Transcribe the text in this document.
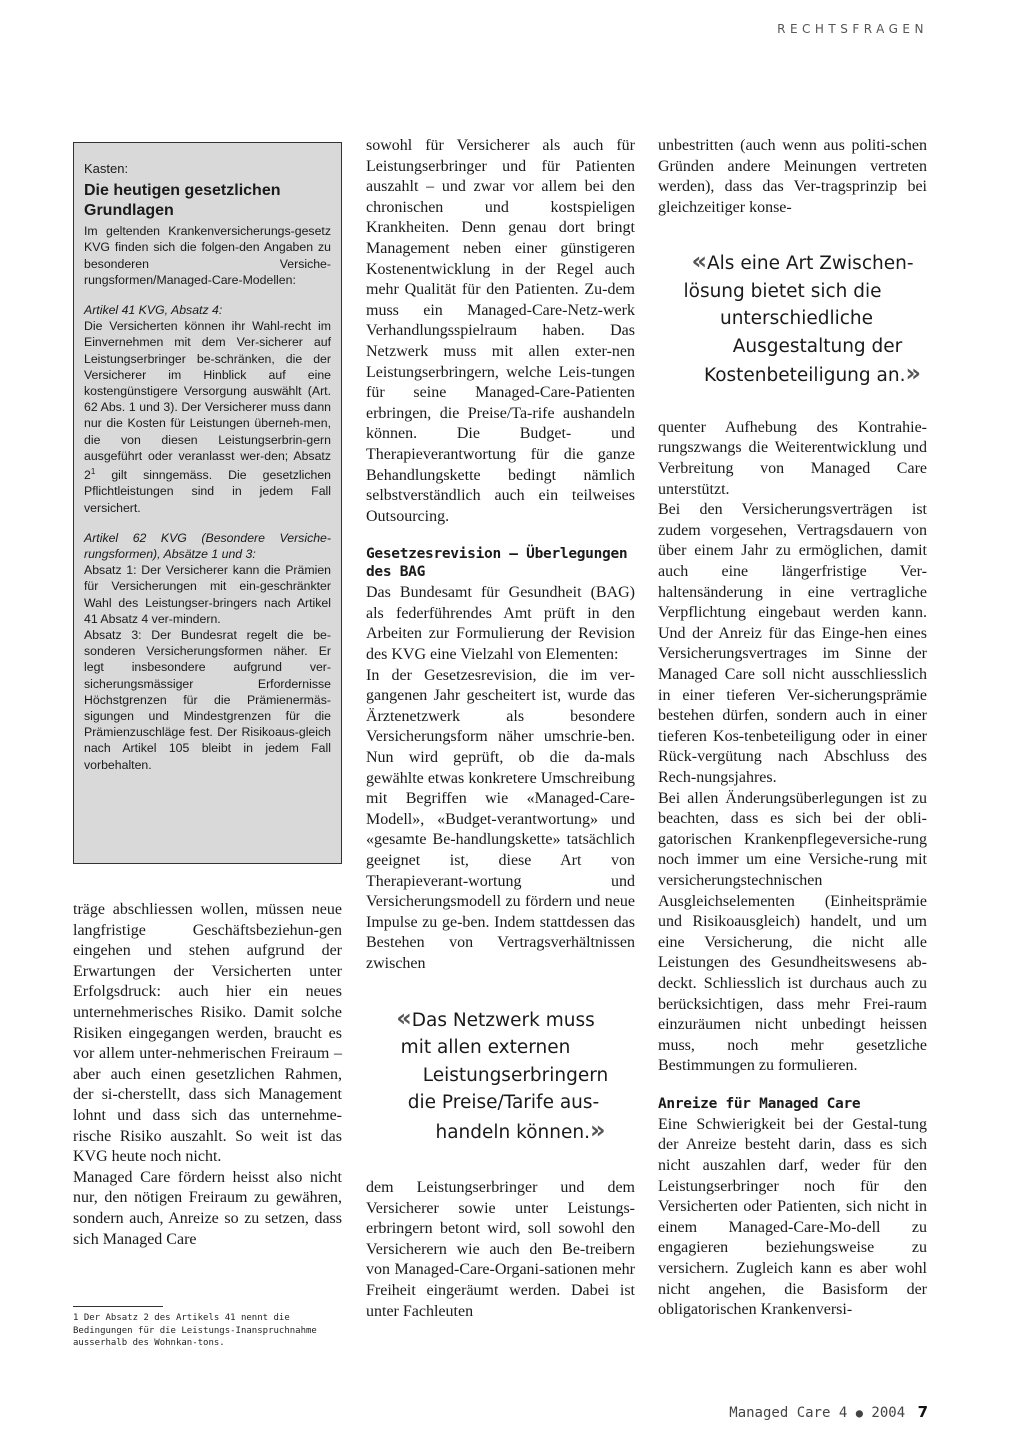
RECHTSFRAGEN

Kasten:

Die heutigen gesetzlichen Grundlagen

Im geltenden Krankenversicherungs-gesetz KVG finden sich die folgen-den Angaben zu besonderen Versiche-rungsformen/Managed-Care-Modellen:

Artikel 41 KVG, Absatz 4:

Die Versicherten können ihr Wahl-recht im Einvernehmen mit dem Ver-sicherer auf Leistungserbringer be-schränken, die der Versicherer im Hinblick auf eine kostengünstigere Versorgung auswählt (Art. 62 Abs. 1 und 3). Der Versicherer muss dann nur die Kosten für Leistungen überneh-men, die von diesen Leistungserbrin-gern ausgeführt oder veranlasst wer-den; Absatz $2^1$ gilt sinngemäss. Die gesetzlichen Pflichtleistungen sind in jedem Fall versichert.

Artikel 62 KVG (Besondere Versiche-rungsformen), Absätze 1 und 3:

Absatz 1: Der Versicherer kann die Prämien für Versicherungen mit ein-geschränkter Wahl des Leistungser-bringers nach Artikel 41 Absatz 4 ver-mindern.

Absatz 3: Der Bundesrat regelt die be-sonderen Versicherungsformen näher. Er legt insbesondere aufgrund ver-sicherungsmässiger Erfordernisse Höchstgrenzen für die Prämienermäs-sigungen und Mindestgrenzen für die Prämienzuschläge fest. Der Risikoaus-gleich nach Artikel 105 bleibt in jedem Fall vorbehalten.

träge abschliessen wollen, müssen neue langfristige Geschäftsbeziehun-gen eingehen und stehen aufgrund der Erwartungen der Versicherten unter Erfolgsdruck: auch hier ein neues unternehmerisches Risiko. Damit solche Risiken eingegangen werden, braucht es vor allem unter-nehmerischen Freiraum – aber auch einen gesetzlichen Rahmen, der si-cherstellt, dass sich Management lohnt und dass sich das unternehme-rische Risiko auszahlt. So weit ist das KVG heute noch nicht.

Managed Care fördern heisst also nicht nur, den nötigen Freiraum zu gewähren, sondern auch, Anreize so zu setzen, dass sich Managed Care

1 Der Absatz 2 des Artikels 41 nennt die Bedingungen für die Leistungs-Inanspruchnahme ausserhalb des Wohnkan-tons.

sowohl für Versicherer als auch für Leistungserbringer und für Patienten auszahlt – und zwar vor allem bei den chronischen und kostspieligen Krankheiten. Denn genau dort bringt Management neben einer günstigeren Kostenentwicklung in der Regel auch mehr Qualität für den Patienten. Zu-dem muss ein Managed-Care-Netz-werk Verhandlungsspielraum haben. Das Netzwerk muss mit allen exter-nen Leistungserbringern, welche Leis-tungen für seine Managed-Care-Patienten erbringen, die Preise/Ta-rife aushandeln können. Die Budget- und Therapieverantwortung für die ganze Behandlungskette bedingt nämlich selbstverständlich auch ein teilweises Outsourcing.

Gesetzesrevision – Überlegungen des BAG

Das Bundesamt für Gesundheit (BAG) als federführendes Amt prüft in den Arbeiten zur Formulierung der Revision des KVG eine Vielzahl von Elementen:

In der Gesetzesrevision, die im ver-gangenen Jahr gescheitert ist, wurde das Ärztenetzwerk als besondere Versicherungsform näher umschrie-ben. Nun wird geprüft, ob die da-mals gewählte etwas konkretere Umschreibung mit Begriffen wie «Managed-Care-Modell», «Budget-verantwortung» und «gesamte Be-handlungskette» tatsächlich geeignet ist, diese Art von Therapieverant-wortung und Versicherungsmodell zu fördern und neue Impulse zu ge-ben. Indem stattdessen das Bestehen von Vertragsverhältnissen zwischen

«Das Netzwerk muss

mit allen externen

Leistungserbringern

die Preise/Tarife aus-

handeln können.»

dem Leistungserbringer und dem Versicherer sowie unter Leistungs-erbringern betont wird, soll sowohl den Versicherern wie auch den Be-treibern von Managed-Care-Organi-sationen mehr Freiheit eingeräumt werden. Dabei ist unter Fachleuten

unbestritten (auch wenn aus politi-schen Gründen andere Meinungen vertreten werden), dass das Ver-tragsprinzip bei gleichzeitiger konse-

«Als eine Art Zwischen-

lösung bietet sich die

unterschiedliche

Ausgestaltung der

Kostenbeteiligung an.»

quenter Aufhebung des Kontrahie-rungszwangs die Weiterentwicklung und Verbreitung von Managed Care unterstützt.

Bei den Versicherungsverträgen ist zudem vorgesehen, Vertragsdauern von über einem Jahr zu ermöglichen, damit auch eine längerfristige Ver-haltensänderung in eine vertragliche Verpflichtung eingebaut werden kann. Und der Anreiz für das Einge-hen eines Versicherungsvertrages im Sinne der Managed Care soll nicht ausschliesslich in einer tieferen Ver-sicherungsprämie bestehen dürfen, sondern auch in einer tieferen Kos-tenbeteiligung oder in einer Rück-vergütung nach Abschluss des Rech-nungsjahres.

Bei allen Änderungsüberlegungen ist zu beachten, dass es sich bei der obli-gatorischen Krankenpflegeversiche-rung noch immer um eine Versiche-rung mit versicherungstechnischen Ausgleichselementen (Einheitsprämie und Risikoausgleich) handelt, und um eine Versicherung, die nicht alle Leistungen des Gesundheitswesens ab-deckt. Schliesslich ist durchaus auch zu berücksichtigen, dass mehr Frei-raum einzuräumen nicht unbedingt heissen muss, noch mehr gesetzliche Bestimmungen zu formulieren.

Anreize für Managed Care

Eine Schwierigkeit bei der Gestal-tung der Anreize besteht darin, dass es sich nicht auszahlen darf, weder für den Leistungserbringer noch für den Versicherten oder Patienten, sich nicht in einem Managed-Care-Mo-dell zu engagieren beziehungsweise zu versichern. Zugleich kann es aber wohl nicht angehen, die Basisform der obligatorischen Krankenversi-

Managed Care 4 ● 2004 7
